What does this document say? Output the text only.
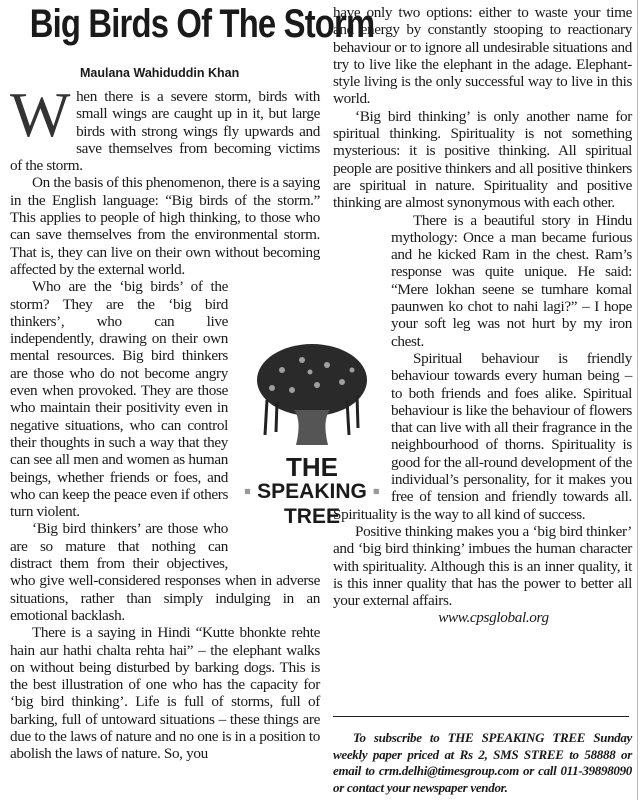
Big Birds Of The Storm
Maulana Wahiduddin Khan

When there is a severe storm, birds with small wings are caught up in it, but large birds with strong wings fly upwards and save themselves from becoming victims of the storm.

On the basis of this phenomenon, there is a saying in the English language: “Big birds of the storm.” This applies to people of high thinking, to those who can save themselves from the environmental storm. That is, they can live on their own without becoming affected by the external world.

Who are the ‘big birds’ of the storm? They are the ‘big bird thinkers’, who can live independently, drawing on their own mental resources. Big bird thinkers are those who do not become angry even when provoked. They are those who maintain their positivity even in negative situations, who can control their thoughts in such a way that they can see all men and women as human beings, whether friends or foes, and who can keep the peace even if others turn violent.

‘Big bird thinkers’ are those who are so mature that nothing can distract them from their objectives, who give well-considered responses when in adverse situations, rather than simply indulging in an emotional backlash.

There is a saying in Hindi “Kutte bhonkte rehte hain aur hathi chalta rehta hai” – the elephant walks on without being disturbed by barking dogs. This is the best illustration of one who has the capacity for ‘big bird thinking’. Life is full of storms, full of barking, full of untoward situations – these things are due to the laws of nature and no one is in a position to abolish the laws of nature. So, you

have only two options: either to waste your time and energy by constantly stooping to reactionary behaviour or to ignore all undesirable situations and try to live like the elephant in the adage. Elephant-style living is the only successful way to live in this world.

‘Big bird thinking’ is only another name for spiritual thinking. Spirituality is not something mysterious: it is positive thinking. All spiritual people are positive thinkers and all positive thinkers are spiritual in nature. Spirituality and positive thinking are almost synonymous with each other.

There is a beautiful story in Hindu mythology: Once a man became furious and he kicked Ram in the chest. Ram’s response was quite unique. He said: “Mere lokhan seene se tumhare komal paunwen ko chot to nahi lagi?” – I hope your soft leg was not hurt by my iron chest.

Spiritual behaviour is friendly behaviour towards every human being – to both friends and foes alike. Spiritual behaviour is like the behaviour of flowers that can live with all their fragrance in the neighbourhood of thorns. Spirituality is good for the all-round development of the individual’s personality, for it makes you free of tension and friendly towards all. Spirituality is the way to all kind of success.

Positive thinking makes you a ‘big bird thinker’ and ‘big bird thinking’ imbues the human character with spirituality. Although this is an inner quality, it is this inner quality that has the power to better all your external affairs.

www.cpsglobal.org

THE
▪ SPEAKING ▪
TREE
To subscribe to THE SPEAKING TREE Sunday weekly paper priced at Rs 2, SMS STREE to 58888 or email to crm.delhi@timesgroup.com or call 011-39898090 or contact your newspaper vendor.
